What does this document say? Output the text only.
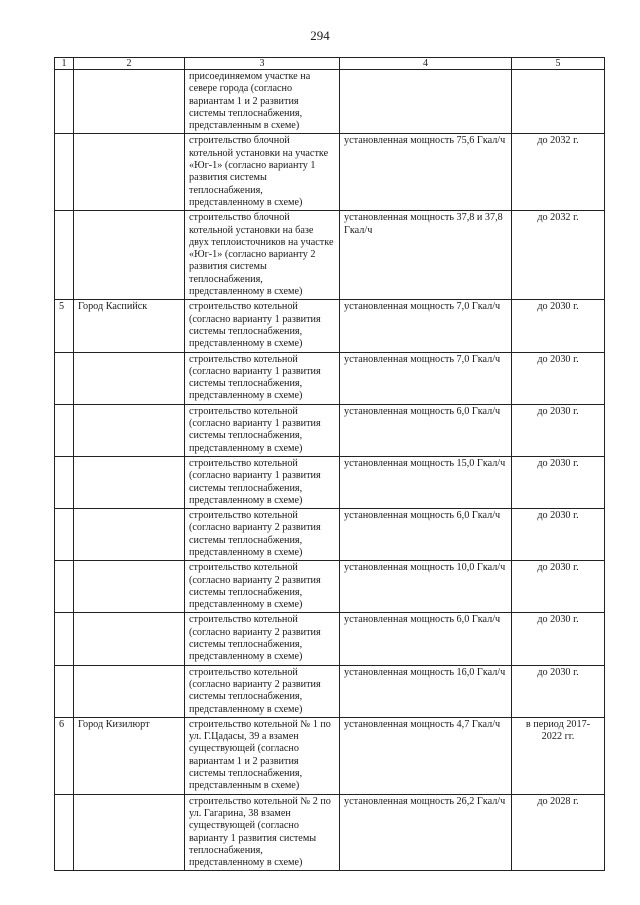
294
1	2	3	4	5
		присоединяемом участке на севере города (согласно вариантам 1 и 2 развития системы теплоснабжения, представленным в схеме)		
		строительство блочной котельной установки на участке «Юг-1» (согласно варианту 1 развития системы теплоснабжения, представленному в схеме)	установленная мощность 75,6 Гкал/ч	до 2032 г.
		строительство блочной котельной установки на базе двух теплоисточников на участке «Юг-1» (согласно варианту 2 развития системы теплоснабжения, представленному в схеме)	установленная мощность 37,8 и 37,8 Гкал/ч	до 2032 г.
5	Город Каспийск	строительство котельной (согласно варианту 1 развития системы теплоснабжения, представленному в схеме)	установленная мощность 7,0 Гкал/ч	до 2030 г.
		строительство котельной (согласно варианту 1 развития системы теплоснабжения, представленному в схеме)	установленная мощность 7,0 Гкал/ч	до 2030 г.
		строительство котельной (согласно варианту 1 развития системы теплоснабжения, представленному в схеме)	установленная мощность 6,0 Гкал/ч	до 2030 г.
		строительство котельной (согласно варианту 1 развития системы теплоснабжения, представленному в схеме)	установленная мощность 15,0 Гкал/ч	до 2030 г.
		строительство котельной (согласно варианту 2 развития системы теплоснабжения, представленному в схеме)	установленная мощность 6,0 Гкал/ч	до 2030 г.
		строительство котельной (согласно варианту 2 развития системы теплоснабжения, представленному в схеме)	установленная мощность 10,0 Гкал/ч	до 2030 г.
		строительство котельной (согласно варианту 2 развития системы теплоснабжения, представленному в схеме)	установленная мощность 6,0 Гкал/ч	до 2030 г.
		строительство котельной (согласно варианту 2 развития системы теплоснабжения, представленному в схеме)	установленная мощность 16,0 Гкал/ч	до 2030 г.
6	Город Кизилюрт	строительство котельной № 1 по ул. Г.Цадасы, 39 а взамен существующей (согласно вариантам 1 и 2 развития системы теплоснабжения, представленным в схеме)	установленная мощность 4,7 Гкал/ч	в период 2017-2022 гг.
		строительство котельной № 2 по ул. Гагарина, 38 взамен существующей (согласно варианту 1 развития системы теплоснабжения, представленному в схеме)	установленная мощность 26,2 Гкал/ч	до 2028 г.
